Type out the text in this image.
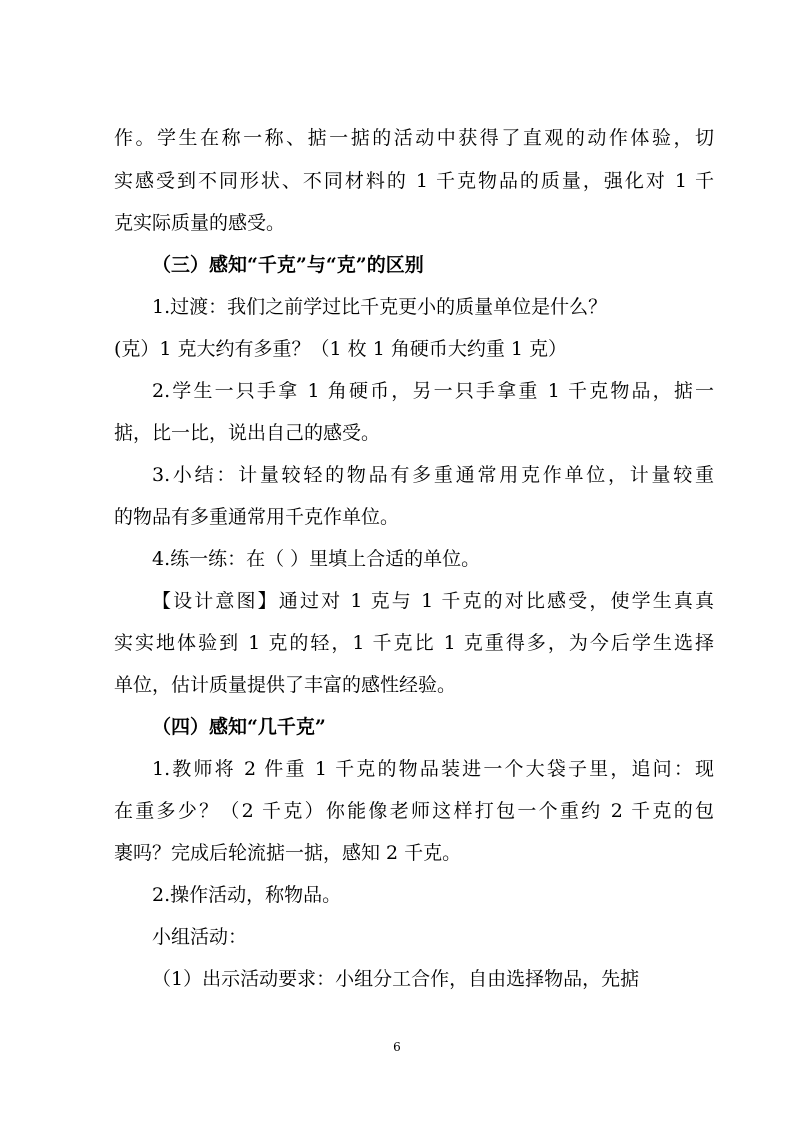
作。学生在称一称、掂一掂的活动中获得了直观的动作体验，切
实感受到不同形状、不同材料的 1 千克物品的质量，强化对 1 千
克实际质量的感受。
（三）感知“千克”与“克”的区别
1.过渡：我们之前学过比千克更小的质量单位是什么？
(克）1 克大约有多重？（1 枚 1 角硬币大约重 1 克）
2.学生一只手拿 1 角硬币，另一只手拿重 1 千克物品，掂一
掂，比一比，说出自己的感受。
3.小结：计量较轻的物品有多重通常用克作单位，计量较重
的物品有多重通常用千克作单位。
4.练一练：在（ ）里填上合适的单位。
【设计意图】通过对 1 克与 1 千克的对比感受，使学生真真
实实地体验到 1 克的轻，1 千克比 1 克重得多，为今后学生选择
单位，估计质量提供了丰富的感性经验。
（四）感知“几千克”
1.教师将 2 件重 1 千克的物品装进一个大袋子里，追问：现
在重多少？（2 千克）你能像老师这样打包一个重约 2 千克的包
裹吗？完成后轮流掂一掂，感知 2 千克。
2.操作活动，称物品。
小组活动：
（1）出示活动要求：小组分工合作，自由选择物品，先掂
6
